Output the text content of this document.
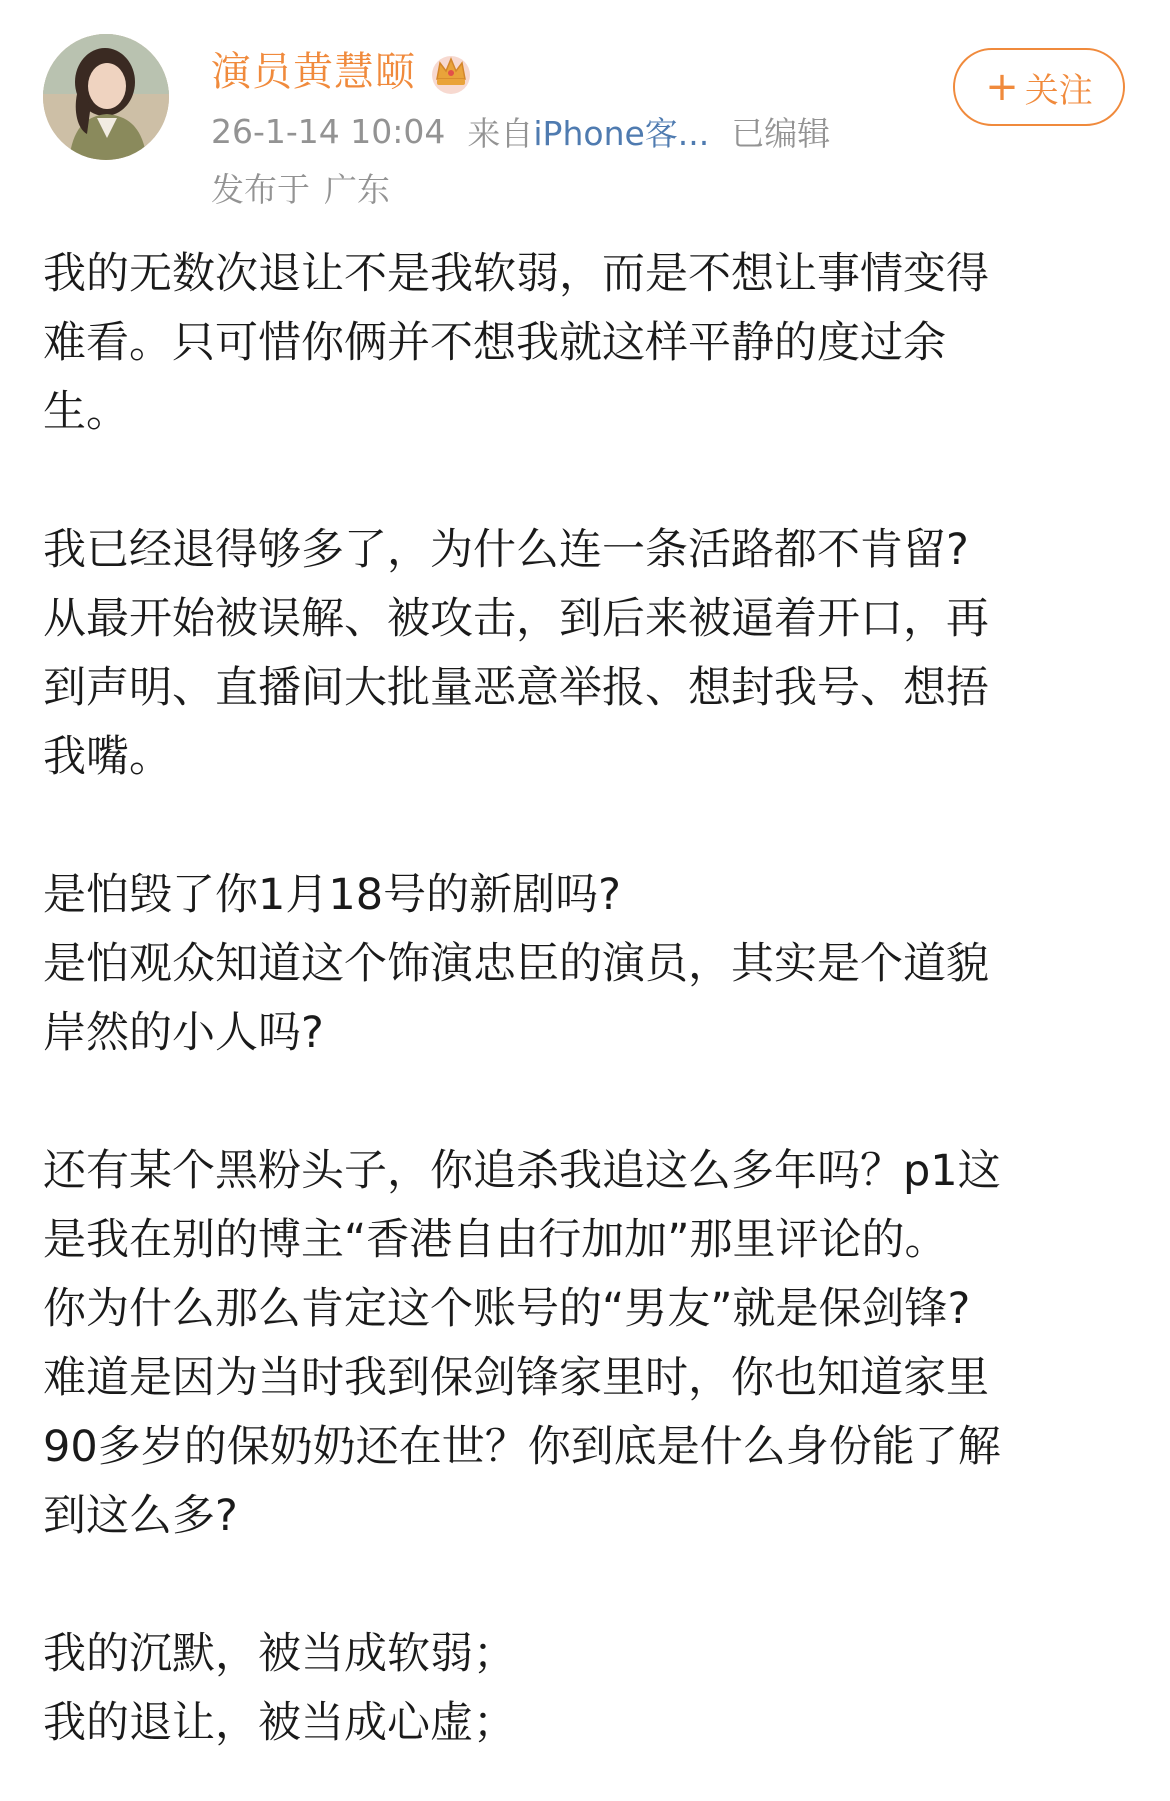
演员黄慧颐
26-1-14 10:04 来自iPhone客... 已编辑
发布于 广东
+ 关注
我的无数次退让不是我软弱，而是不想让事情变得
难看。只可惜你俩并不想我就这样平静的度过余
生。
我已经退得够多了，为什么连一条活路都不肯留?
从最开始被误解、被攻击，到后来被逼着开口，再
到声明、直播间大批量恶意举报、想封我号、想捂
我嘴。
是怕毁了你1月18号的新剧吗?
是怕观众知道这个饰演忠臣的演员，其实是个道貌
岸然的小人吗?
还有某个黑粉头子，你追杀我追这么多年吗？p1这
是我在别的博主“香港自由行加加”那里评论的。
你为什么那么肯定这个账号的“男友”就是保剑锋?
难道是因为当时我到保剑锋家里时，你也知道家里
90多岁的保奶奶还在世？你到底是什么身份能了解
到这么多?
我的沉默，被当成软弱；
我的退让，被当成心虚；
